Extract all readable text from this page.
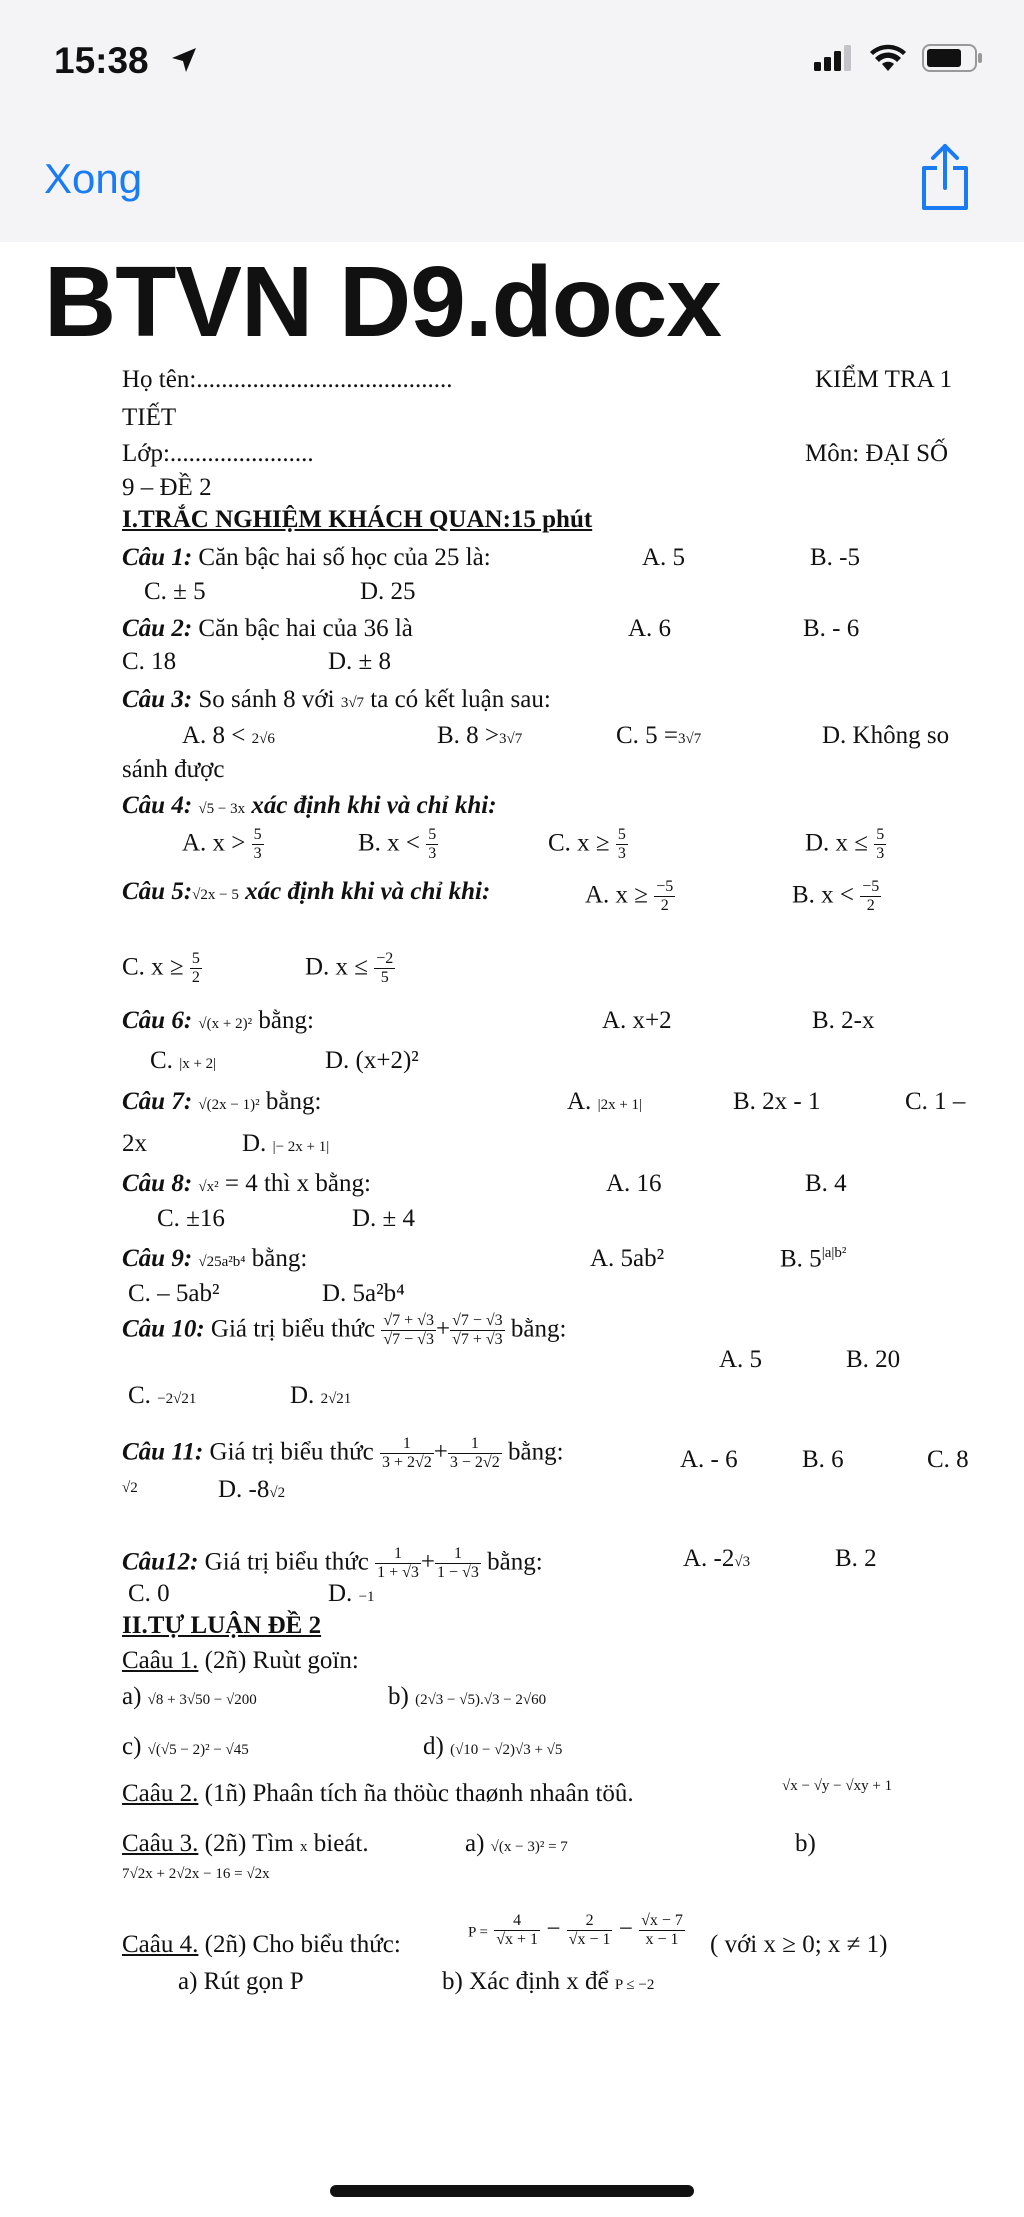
15:38
Xong
BTVN D9.docx
Họ tên:.........................................	KIỂM TRA 1
TIẾT
Lớp:.......................	Môn: ĐẠI SỐ
9 – ĐỀ 2
I.TRẮC NGHIỆM KHÁCH QUAN:15 phút
Câu 1: Căn bậc hai số học của 25 là:	A. 5	B. -5
C. ± 5	D. 25
Câu 2: Căn bậc hai của 36 là	A. 6	B. - 6
C. 18	D. ± 8
Câu 3: So sánh 8 với 3√7 ta có kết luận sau:
A. 8 < 2√6	B. 8 >3√7	C. 5 =3√7	D. Không so
sánh được
Câu 4: √5 − 3x xác định khi và chỉ khi:
A. $x > \frac{5}{3}$	B. $x < \frac{5}{3}$	C. $x \ge \frac{5}{3}$	D. $x \le \frac{5}{3}$
Câu 5:√2x − 5 xác định khi và chỉ khi:	A. $x \ge \frac{-5}{2}$	B. $x < \frac{-5}{2}$
C. $x \ge \frac{5}{2}$	D. $x \le \frac{-2}{5}$
Câu 6: √(x + 2)² bằng:	A. x+2	B. 2-x
C. |x + 2|	D. (x+2)²
Câu 7: √(2x − 1)² bằng:	A. |2x + 1|	B. 2x - 1	C. 1 –
2x	D. |− 2x + 1|
Câu 8: √x² = 4 thì x bằng:	A. 16	B. 4
C. ±16	D. ± 4
Câu 9: √25a²b⁴ bằng:	A. 5ab²	B. $5^{|a|b^2}$
C. – 5ab²	D. 5a²b⁴
Câu 10: Giá trị biểu thức $\frac{√7 + √3}{√7 - √3} + \frac{√7 - √3}{√7 + √3}$ bằng:
A. 5	B. 20
C. −2√21	D. 2√21
Câu 11: Giá trị biểu thức $\frac{1}{3 + 2√2} + \frac{1}{3 - 2√2}$ bằng:	A. - 6	B. 6	C. 8
√2	D. -8√2
Câu12: Giá trị biểu thức $\frac{1}{1 + √3} + \frac{1}{1 - √3}$ bằng:	A. -2√3	B. 2
C. 0	D. −1
II.TỰ LUẬN ĐỀ 2
Caâu 1. (2ñ) Ruùt goïn:
a) √8 + 3√50 − √200	b) (2√3 − √5).√3 − 2√60
c) √(√5 − 2)² − √45	d) (√10 − √2)√3 + √5
Caâu 2. (1ñ) Phaân tích ña thöùc thaønh nhaân töû.	√x − √y − √xy + 1
Caâu 3. (2ñ) Tìm x bieát.	a) √(x − 3)² = 7	b)
7√2x + 2√2x − 16 = √2x
Caâu 4. (2ñ) Cho biểu thức:	$P = \frac{4}{√x + 1} - \frac{2}{√x - 1} - \frac{√x - 7}{x - 1}$ ( với x ≥ 0; x ≠ 1)
a) Rút gọn P	b) Xác định x để P ≤ −2
